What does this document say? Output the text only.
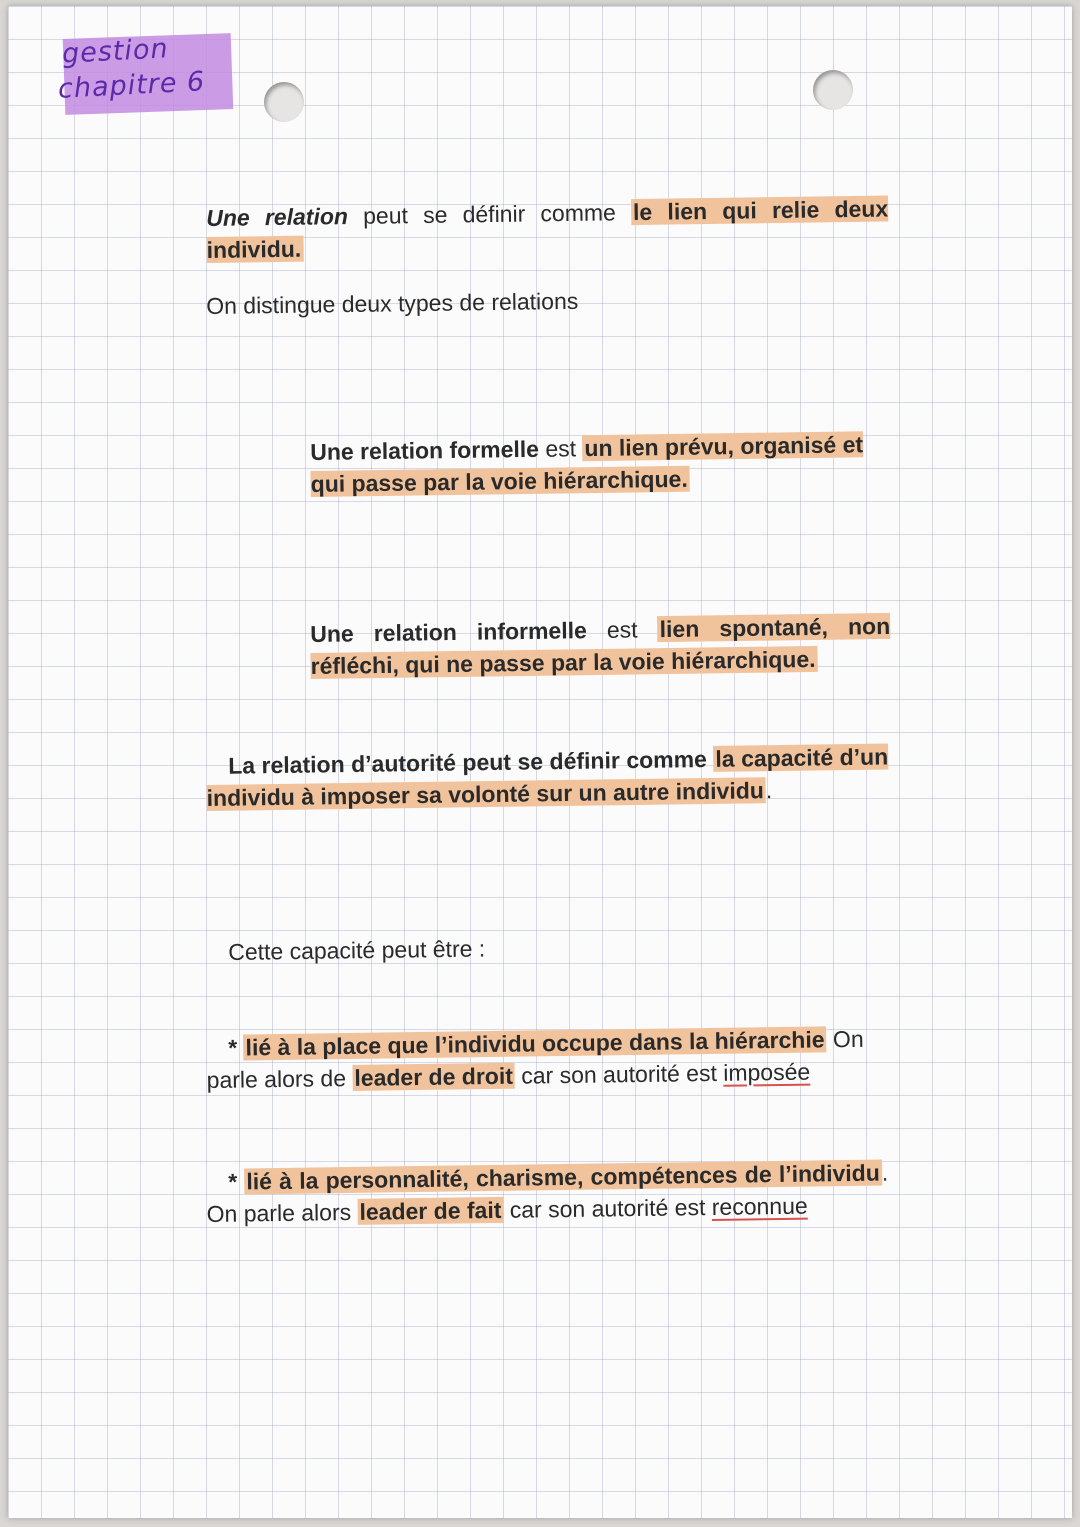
gestion
chapitre 6
Une relation peut se définir comme le lien qui relie deux individu.
On distingue deux types de relations
Une relation formelle est un lien prévu, organisé et qui passe par la voie hiérarchique.
Une relation informelle est lien spontané, non réfléchi, qui ne passe par la voie hiérarchique.
La relation d’autorité peut se définir comme la capacité d’un individu à imposer sa volonté sur un autre individu.
Cette capacité peut être :
* lié à la place que l’individu occupe dans la hiérarchie On parle alors de leader de droit car son autorité est imposée
* lié à la personnalité, charisme, compétences de l’individu. On parle alors leader de fait car son autorité est reconnue
